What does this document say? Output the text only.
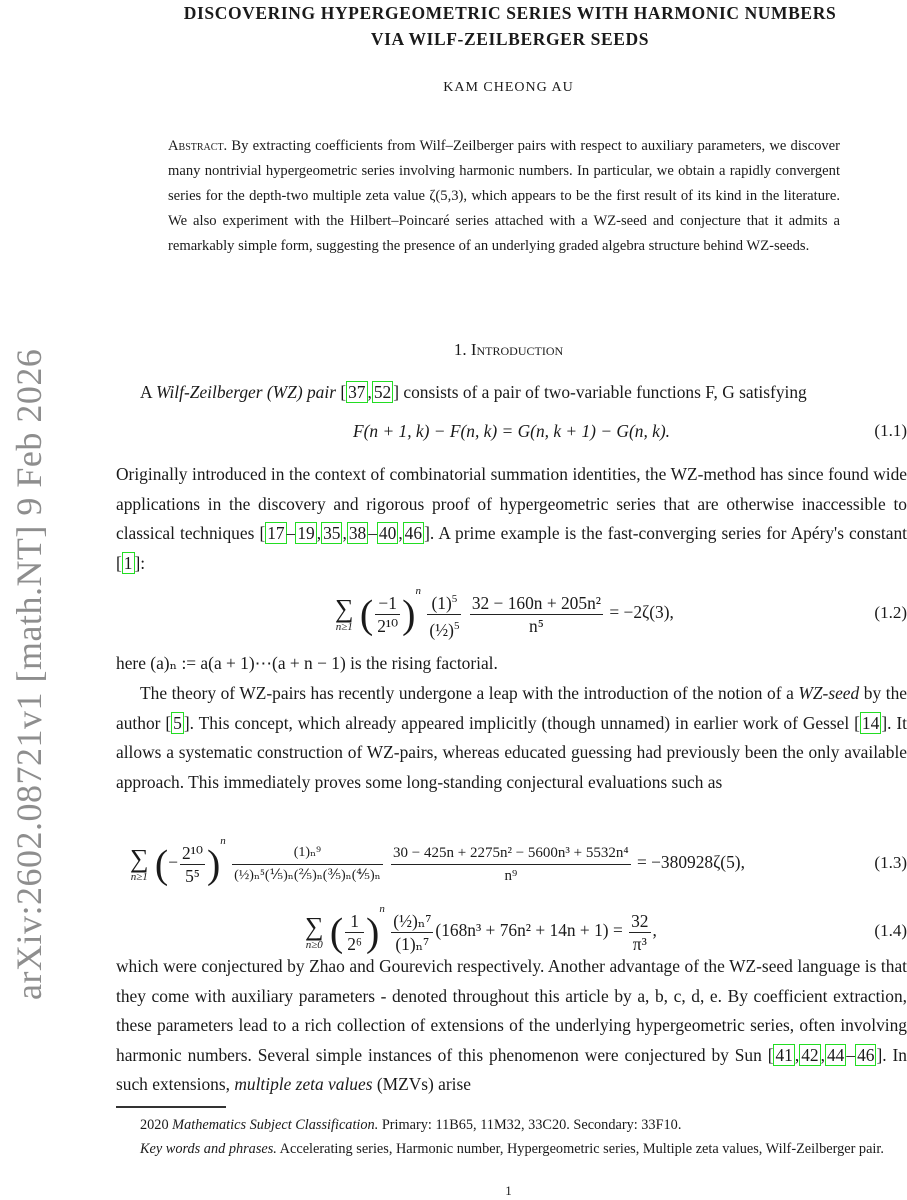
arXiv:2602.08721v1 [math.NT] 9 Feb 2026
DISCOVERING HYPERGEOMETRIC SERIES WITH HARMONIC NUMBERS
VIA WILF-ZEILBERGER SEEDS
KAM CHEONG AU
Abstract. By extracting coefficients from Wilf–Zeilberger pairs with respect to auxiliary parameters, we discover many nontrivial hypergeometric series involving harmonic numbers. In particular, we obtain a rapidly convergent series for the depth-two multiple zeta value ζ(5,3), which appears to be the first result of its kind in the literature. We also experiment with the Hilbert–Poincaré series attached with a WZ-seed and conjecture that it admits a remarkably simple form, suggesting the presence of an underlying graded algebra structure behind WZ-seeds.
1. Introduction
A Wilf-Zeilberger (WZ) pair [ 37 , 52 ] consists of a pair of two-variable functions F, G satisfying
F(n + 1, k) − F(n, k) = G(n, k + 1) − G(n, k).	(1.1)
Originally introduced in the context of combinatorial summation identities, the WZ-method has since found wide applications in the discovery and rigorous proof of hypergeometric series that are otherwise inaccessible to classical techniques [ 17 – 19 , 35 , 38 – 40 , 46 ]. A prime example is the fast-converging series for Apéry's constant [ 1 ]:
∑
n≥1 ( $\frac{-1}{\text{2¹⁰}} )^n \frac{(1)^5}{(\frac{1}{2})^5}$
$\frac{\text{32 − 160n + 205n²}}{\text{n⁵}} = -2\zeta(3)$,	(1.2)
here (a)ₙ := a(a + 1)⋯(a + n − 1) is the rising factorial.
The theory of WZ-pairs has recently undergone a leap with the introduction of the notion of a WZ-seed by the author [ 5 ]. This concept, which already appeared implicitly (though unnamed) in earlier work of Gessel [ 14 ]. It allows a systematic construction of WZ-pairs, whereas educated guessing had previously been the only available approach. This immediately proves some long-standing conjectural evaluations such as
∑
n≥1 (− $\frac{\text{2¹⁰}}{\text{5⁵}} )^n$
$\frac{\text{(1)ₙ⁹}}{\text{(½)ₙ⁵(⅕)ₙ(⅖)ₙ(⅗)ₙ(⅘)ₙ}}$
$\frac{\text{30 − 425n + 2275n² − 5600n³ + 5532n⁴}}{\text{n⁹}} = -380928\zeta(5)$,	(1.3)
∑
n≥0 ( $\frac{1}{\text{2⁶}} )^n$
$\frac{\text{(½)ₙ⁷}}{\text{(1)ₙ⁷}} (168n^3 + 76n^2 + 14n + 1) = \frac{32}{\text{π³}}$ ,	(1.4)
which were conjectured by Zhao and Gourevich respectively. Another advantage of the WZ-seed language is that they come with auxiliary parameters - denoted throughout this article by a, b, c, d, e. By coefficient extraction, these parameters lead to a rich collection of extensions of the underlying hypergeometric series, often involving harmonic numbers. Several simple instances of this phenomenon were conjectured by Sun [ 41 , 42 , 44 – 46 ]. In such extensions, multiple zeta values (MZVs) arise
2020 Mathematics Subject Classification. Primary: 11B65, 11M32, 33C20. Secondary: 33F10.
Key words and phrases. Accelerating series, Harmonic number, Hypergeometric series, Multiple zeta values, Wilf-Zeilberger pair.
1
